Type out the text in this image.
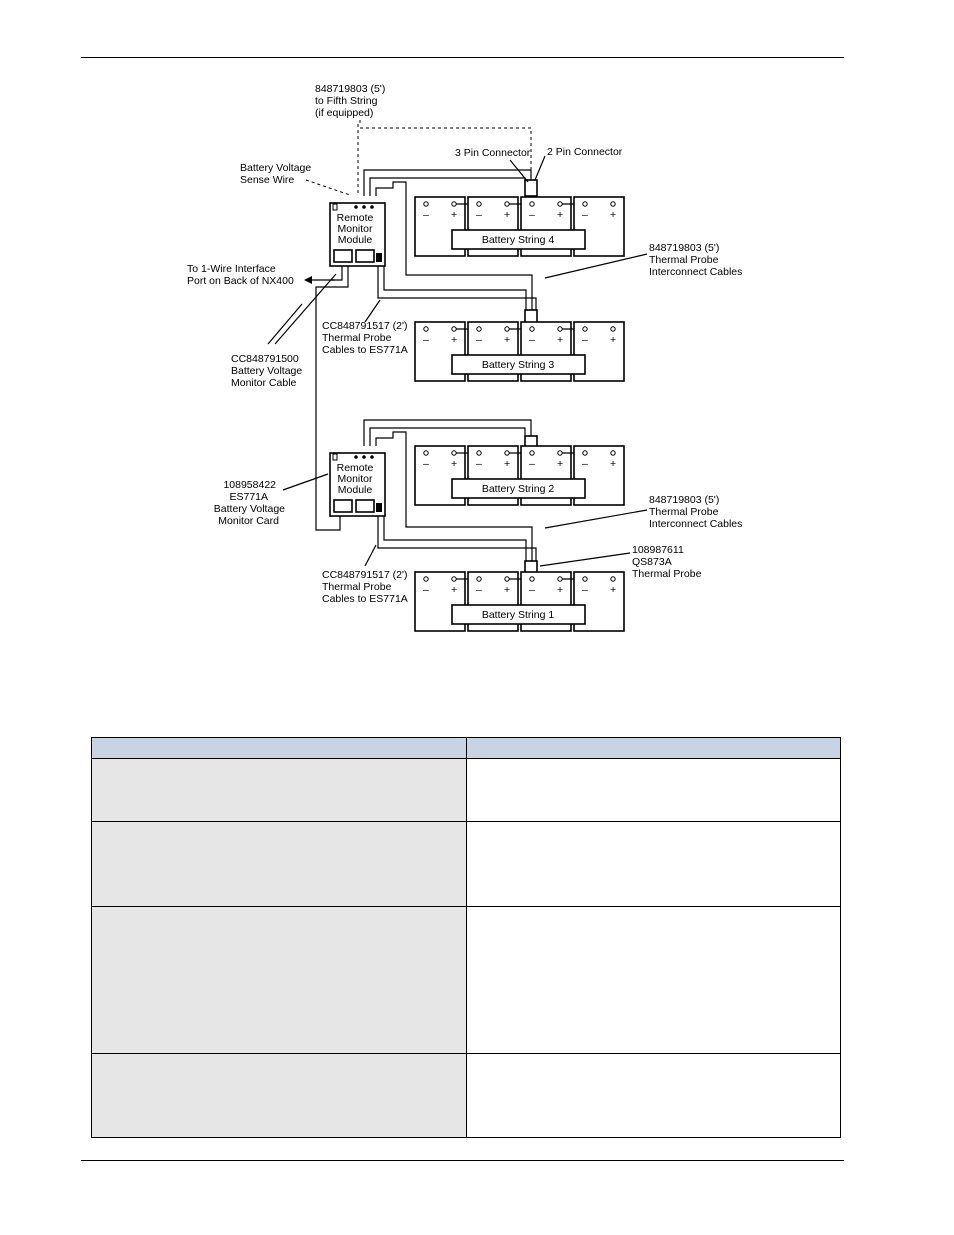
– + – + – + – +
Battery String 4
– + – + – + – +
Battery String 3
– + – + – + – +
Battery String 2
– + – + – + – +
Battery String 1
Remote
Monitor
Module
Remote
Monitor
Module
848719803 (5')
to Fifth String
(if equipped)
Battery Voltage
Sense Wire
3 Pin Connector 2 Pin Connector
To 1-Wire Interface
Port on Back of NX400
CC848791500
Battery Voltage
Monitor Cable
CC848791517 (2')
Thermal Probe
Cables to ES771A
CC848791517 (2')
Thermal Probe
Cables to ES771A
848719803 (5')
Thermal Probe
Interconnect Cables
848719803 (5')
Thermal Probe
Interconnect Cables
108958422
ES771A
Battery Voltage
Monitor Card
108987611
QS873A
Thermal Probe
